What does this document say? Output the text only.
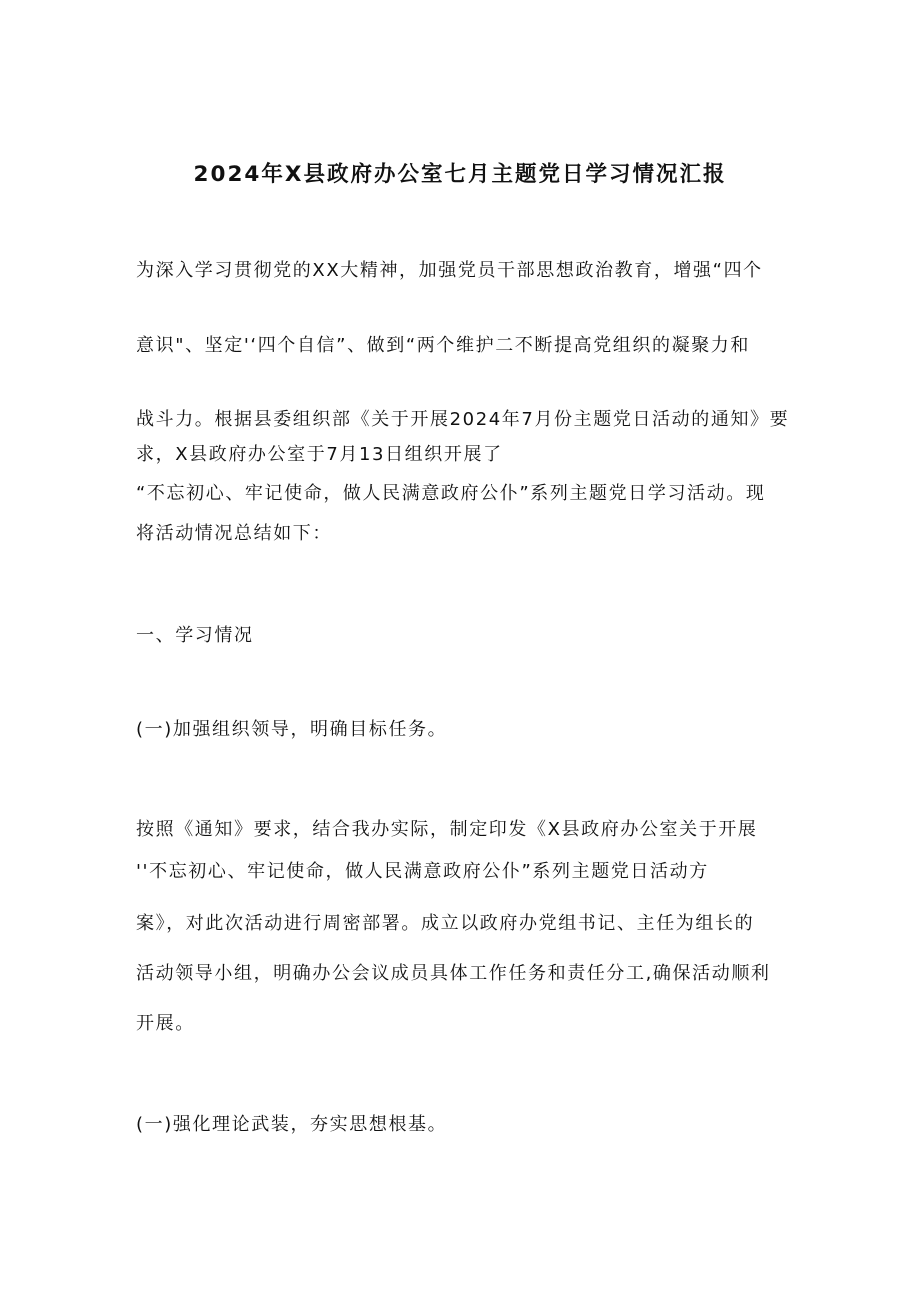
2024年X县政府办公室七月主题党日学习情况汇报
为深入学习贯彻党的XX大精神，加强党员干部思想政治教育，增强“四个
意识"、坚定'‘四个自信”、做到“两个维护二不断提高党组织的凝聚力和
战斗力。根据县委组织部《关于开展2024年7月份主题党日活动的通知》要
求，X县政府办公室于7月13日组织开展了
“不忘初心、牢记使命，做人民满意政府公仆”系列主题党日学习活动。现
将活动情况总结如下：
一、学习情况
(一)加强组织领导，明确目标任务。
按照《通知》要求，结合我办实际，制定印发《X县政府办公室关于开展
''不忘初心、牢记使命，做人民满意政府公仆”系列主题党日活动方
案》，对此次活动进行周密部署。成立以政府办党组书记、主任为组长的
活动领导小组，明确办公会议成员具体工作任务和责任分工,确保活动顺利
开展。
(一)强化理论武装，夯实思想根基。
